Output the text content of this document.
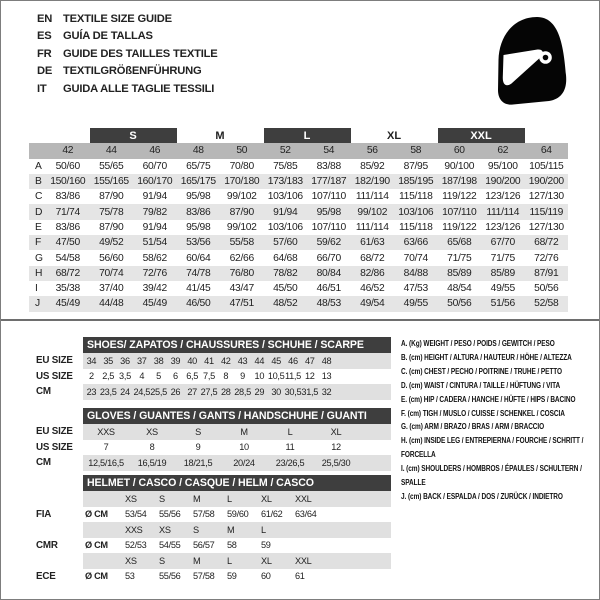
EN TEXTILE SIZE GUIDE
ES	GUÍA DE TALLAS
FR	GUIDE DES TAILLES TEXTILE
DE TEXTILGRÖßENFÜHRUNG
IT	GUIDA ALLE TAGLIE TESSILI
		S		M		L		XL		XXL		
	42	44	46	48	50	52	54	56	58	60	62	64
A	50/60	55/65	60/70	65/75	70/80	75/85	83/88	85/92	87/95	90/100	95/100	105/115
B	150/160	155/165	160/170	165/175	170/180	173/183	177/187	182/190	185/195	187/198	190/200	190/200
C	83/86	87/90	91/94	95/98	99/102	103/106	107/110	111/114	115/118	119/122	123/126	127/130
D	71/74	75/78	79/82	83/86	87/90	91/94	95/98	99/102	103/106	107/110	111/114	115/119
E	83/86	87/90	91/94	95/98	99/102	103/106	107/110	111/114	115/118	119/122	123/126	127/130
F	47/50	49/52	51/54	53/56	55/58	57/60	59/62	61/63	63/66	65/68	67/70	68/72
G	54/58	56/60	58/62	60/64	62/66	64/68	66/70	68/72	70/74	71/75	71/75	72/76
H	68/72	70/74	72/76	74/78	76/80	78/82	80/84	82/86	84/88	85/89	85/89	87/91
I	35/38	37/40	39/42	41/45	43/47	45/50	46/51	46/52	47/53	48/54	49/55	50/56
J	45/49	44/48	45/49	46/50	47/51	48/52	48/53	49/54	49/55	50/56	51/56	52/58
	SHOES/ ZAPATOS / CHAUSSURES / SCHUHE / SCARPE															
EU SIZE	34	35	36	37	38	39	40	41	42	43	44	45	46	47	48	
US SIZE	2	2,5	3,5	4	5	6	6,5	7,5	8	9	10	10,5	11,5	12	13	
CM	23	23,5	24	24,5	25,5	26	27	27,5	28	28,5	29	30	30,5	31,5	32	
	GLOVES / GUANTES / GANTS / HANDSCHUHE / GUANTI						
EU SIZE	XXS	XS	S	M	L	XL	
US SIZE	7	8	9	10	11	12	
CM	12,5/16,5	16,5/19	18/21,5	20/24	23/26,5	25,5/30	
	HELMET / CASCO / CASQUE / HELM / CASCO							
		XS	S	M	L	XL	XXL	
FIA	Ø CM	53/54	55/56	57/58	59/60	61/62	63/64	
		XXS	XS	S	M	L		
CMR	Ø CM	52/53	54/55	56/57	58	59		
		XS	S	M	L	XL	XXL	
ECE	Ø CM	53	55/56	57/58	59	60	61	
A. (Kg) WEIGHT / PESO / POIDS / GEWITCH / PESO
B. (cm) HEIGHT / ALTURA / HAUTEUR / HÖHE / ALTEZZA
C. (cm) CHEST / PECHO / POITRINE / TRUHE / PETTO
D. (cm) WAIST / CINTURA / TAILLE / HÜFTUNG / VITA
E. (cm) HIP / CADERA / HANCHE / HÜFTE / HIPS / BACINO
F. (cm) TIGH / MUSLO / CUISSE / SCHENKEL / COSCIA
G. (cm) ARM / BRAZO / BRAS / ARM / BRACCIO
H. (cm) INSIDE LEG / ENTREPIERNA / FOURCHE / SCHRITT / FORCELLA
I. (cm) SHOULDERS / HOMBROS / ÉPAULES / SCHULTERN / SPALLE
J. (cm) BACK / ESPALDA / DOS / ZURÜCK / INDIETRO
